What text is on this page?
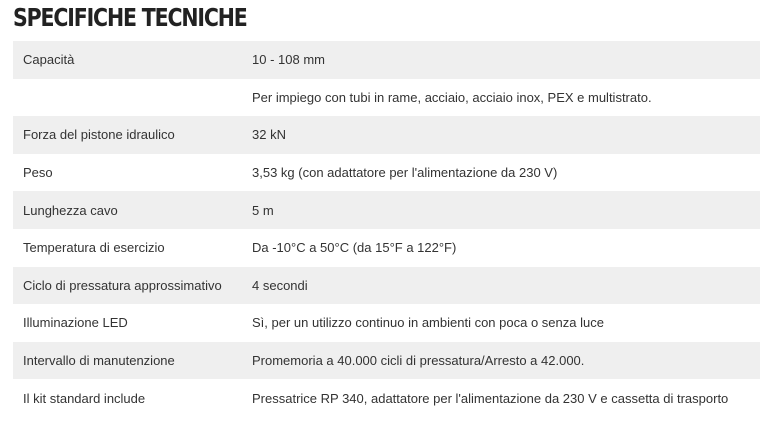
SPECIFICHE TECNICHE
Capacità	10 - 108 mm
	Per impiego con tubi in rame, acciaio, acciaio inox, PEX e multistrato.
Forza del pistone idraulico	32 kN
Peso	3,53 kg (con adattatore per l'alimentazione da 230 V)
Lunghezza cavo	5 m
Temperatura di esercizio	Da -10°C a 50°C (da 15°F a 122°F)
Ciclo di pressatura approssimativo	4 secondi
Illuminazione LED	Sì, per un utilizzo continuo in ambienti con poca o senza luce
Intervallo di manutenzione	Promemoria a 40.000 cicli di pressatura/Arresto a 42.000.
Il kit standard include	Pressatrice RP 340, adattatore per l'alimentazione da 230 V e cassetta di trasporto
